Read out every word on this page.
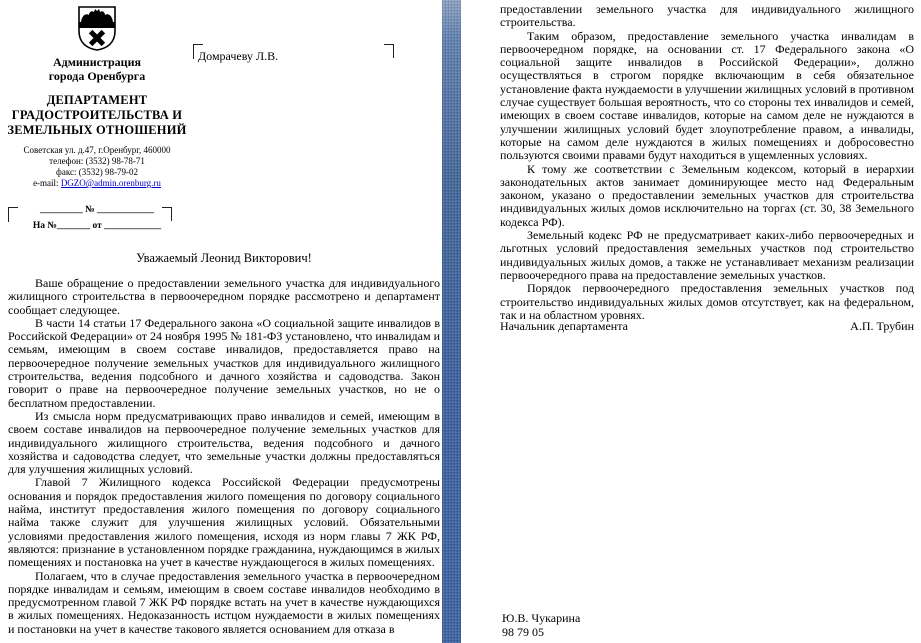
Администрация
города Оренбурга
ДЕПАРТАМЕНТ
ГРАДОСТРОИТЕЛЬСТВА И
ЗЕМЕЛЬНЫХ ОТНОШЕНИЙ
Советская ул. д.47, г.Оренбург, 460000
телефон: (3532) 98-78-71
факс: (3532) 98-79-02
e-mail: DGZO@admin.orenburg.ru
_________ № ____________
На №_______ от ____________
Домрачеву Л.В.
Уважаемый Леонид Викторович!

Ваше обращение о предоставлении земельного участка для индивидуального жилищного строительства в первоочередном порядке рассмотрено и департамент сообщает следующее.

В части 14 статьи 17 Федерального закона «О социальной защите инвалидов в Российской Федерации» от 24 ноября 1995 № 181-ФЗ установлено, что инвалидам и семьям, имеющим в своем составе инвалидов, предоставляется право на первоочередное получение земельных участков для индивидуального жилищного строительства, ведения подсобного и дачного хозяйства и садоводства. Закон говорит о праве на первоочередное получение земельных участков, но не о бесплатном предоставлении.

Из смысла норм предусматривающих право инвалидов и семей, имеющим в своем составе инвалидов на первоочередное получение земельных участков для индивидуального жилищного строительства, ведения подсобного и дачного хозяйства и садоводства следует, что земельные участки должны предоставляться для улучшения жилищных условий.

Главой 7 Жилищного кодекса Российской Федерации предусмотрены основания и порядок предоставления жилого помещения по договору социального найма, институт предоставления жилого помещения по договору социального найма также служит для улучшения жилищных условий. Обязательными условиями предоставления жилого помещения, исходя из норм главы 7 ЖК РФ, являются: признание в установленном порядке гражданина, нуждающимся в жилых помещениях и постановка на учет в качестве нуждающегося в жилых помещениях.

Полагаем, что в случае предоставления земельного участка в первоочередном порядке инвалидам и семьям, имеющим в своем составе инвалидов необходимо в предусмотренном главой 7 ЖК РФ порядке встать на учет в качестве нуждающихся в жилых помещениях. Недоказанность истцом нуждаемости в жилых помещениях и постановки на учет в качестве такового является основанием для отказа в

предоставлении земельного участка для индивидуального жилищного строительства.

Таким образом, предоставление земельного участка инвалидам в первоочередном порядке, на основании ст. 17 Федерального закона «О социальной защите инвалидов в Российской Федерации», должно осуществляться в строгом порядке включающим в себя обязательное установление факта нуждаемости в улучшении жилищных условий в противном случае существует большая вероятность, что со стороны тех инвалидов и семей, имеющих в своем составе инвалидов, которые на самом деле не нуждаются в улучшении жилищных условий будет злоупотребление правом, а инвалиды, которые на самом деле нуждаются в жилых помещениях и добросовестно пользуются своими правами будут находиться в ущемленных условиях.

К тому же соответствии с Земельным кодексом, который в иерархии законодательных актов занимает доминирующее место над Федеральным законом, указано о предоставлении земельных участков для строительства индивидуальных жилых домов исключительно на торгах (ст. 30, 38 Земельного кодекса РФ).

Земельный кодекс РФ не предусматривает каких-либо первоочередных и льготных условий предоставления земельных участков под строительство индивидуальных жилых домов, а также не устанавливает механизм реализации первоочередного права на предоставление земельных участков.

Порядок первоочередного предоставления земельных участков под строительство индивидуальных жилых домов отсутствует, как на федеральном, так и на областном уровнях.

Начальник департамента	А.П. Трубин
Ю.В. Чукарина
98 79 05
